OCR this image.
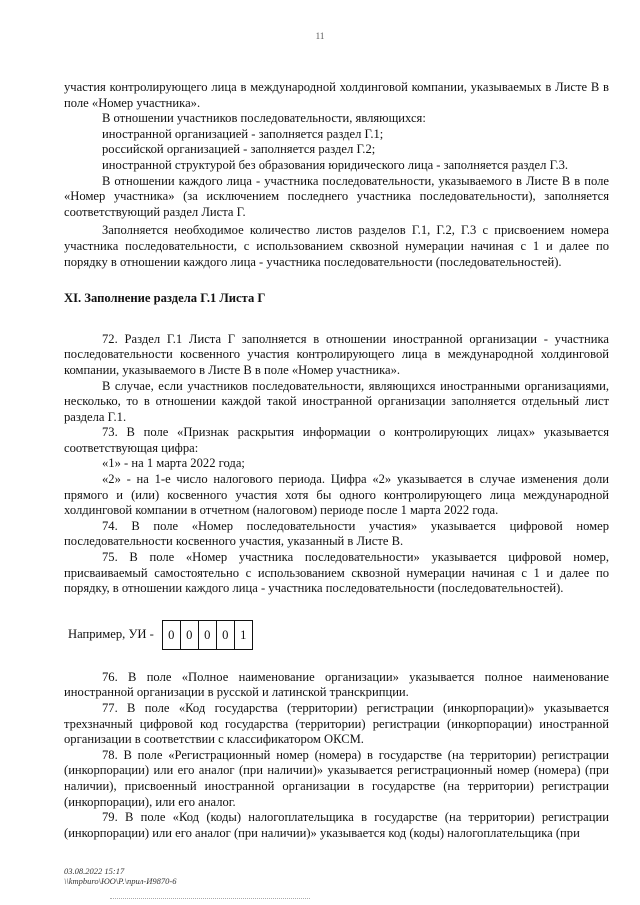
11

участия контролирующего лица в международной холдинговой компании, указываемых в Листе В в поле «Номер участника».

В отношении участников последовательности, являющихся:

иностранной организацией - заполняется раздел Г.1;

российской организацией - заполняется раздел Г.2;

иностранной структурой без образования юридического лица - заполняется раздел Г.3.

В отношении каждого лица - участника последовательности, указываемого в Листе В в поле «Номер участника» (за исключением последнего участника последовательности), заполняется соответствующий раздел Листа Г.

Заполняется необходимое количество листов разделов Г.1, Г.2, Г.3 с присвоением номера участника последовательности, с использованием сквозной нумерации начиная с 1 и далее по порядку в отношении каждого лица - участника последовательности (последовательностей).

XI. Заполнение раздела Г.1 Листа Г

72. Раздел Г.1 Листа Г заполняется в отношении иностранной организации - участника последовательности косвенного участия контролирующего лица в международной холдинговой компании, указываемого в Листе В в поле «Номер участника».

В случае, если участников последовательности, являющихся иностранными организациями, несколько, то в отношении каждой такой иностранной организации заполняется отдельный лист раздела Г.1.

73. В поле «Признак раскрытия информации о контролирующих лицах» указывается соответствующая цифра:

«1» - на 1 марта 2022 года;

«2» - на 1-е число налогового периода. Цифра «2» указывается в случае изменения доли прямого и (или) косвенного участия хотя бы одного контролирующего лица международной холдинговой компании в отчетном (налоговом) периоде после 1 марта 2022 года.

74. В поле «Номер последовательности участия» указывается цифровой номер последовательности косвенного участия, указанный в Листе В.

75. В поле «Номер участника последовательности» указывается цифровой номер, присваиваемый самостоятельно с использованием сквозной нумерации начиная с 1 и далее по порядку, в отношении каждого лица - участника последовательности (последовательностей).

Например, УИ -	0 0 0 0 1

76. В поле «Полное наименование организации» указывается полное наименование иностранной организации в русской и латинской транскрипции.

77. В поле «Код государства (территории) регистрации (инкорпорации)» указывается трехзначный цифровой код государства (территории) регистрации (инкорпорации) иностранной организации в соответствии с классификатором ОКСМ.

78. В поле «Регистрационный номер (номера) в государстве (на территории) регистрации (инкорпорации) или его аналог (при наличии)» указывается регистрационный номер (номера) (при наличии), присвоенный иностранной организации в государстве (на территории) регистрации (инкорпорации), или его аналог.

79. В поле «Код (коды) налогоплательщика в государстве (на территории) регистрации (инкорпорации) или его аналог (при наличии)» указывается код (коды) налогоплательщика (при

03.08.2022 15:17
\\kmpburo\ЮО\Р.\прил-И9870-6
